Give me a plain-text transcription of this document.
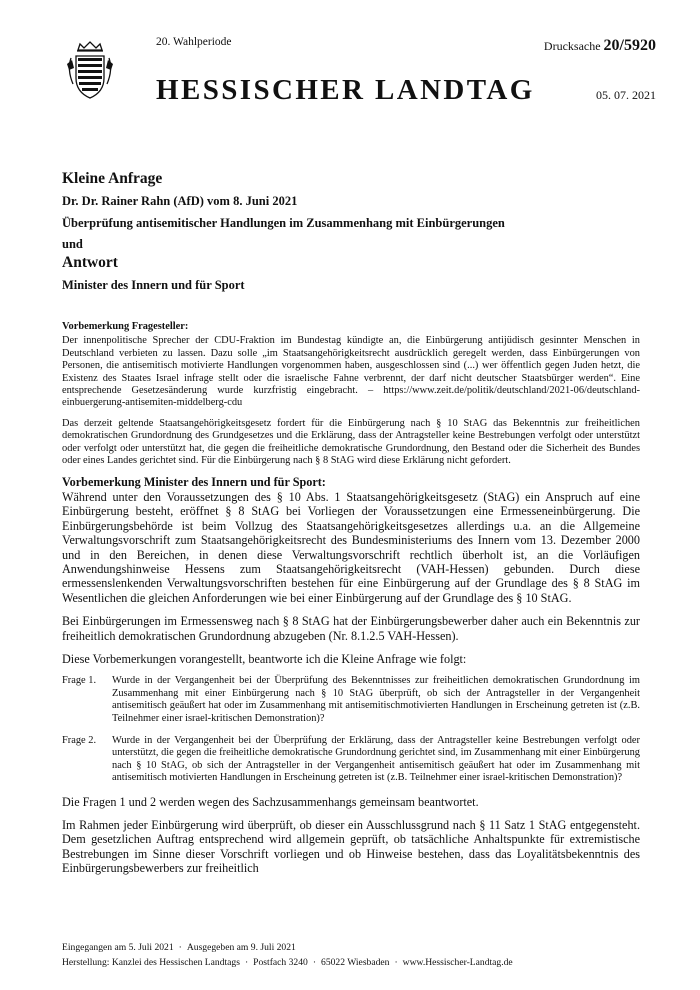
20. Wahlperiode
HESSISCHER LANDTAG
Drucksache 20/5920
05. 07. 2021
Kleine Anfrage
Dr. Dr. Rainer Rahn (AfD) vom 8. Juni 2021
Überprüfung antisemitischer Handlungen im Zusammenhang mit Einbürgerungen
und
Antwort
Minister des Innern und für Sport
Vorbemerkung Fragesteller:

Der innenpolitische Sprecher der CDU-Fraktion im Bundestag kündigte an, die Einbürgerung antijüdisch gesinnter Menschen in Deutschland verbieten zu lassen. Dazu solle „im Staatsangehörigkeitsrecht ausdrücklich geregelt werden, dass Einbürgerungen von Personen, die antisemitisch motivierte Handlungen vorgenommen haben, ausgeschlossen sind (...) wer öffentlich gegen Juden hetzt, die Existenz des Staates Israel infrage stellt oder die israelische Fahne verbrennt, der darf nicht deutscher Staatsbürger werden“. Eine entsprechende Gesetzesänderung wurde kurzfristig eingebracht. – https://www.zeit.de/politik/deutschland/2021-06/deutschland-einbuergerung-antisemiten-middelberg-cdu

Das derzeit geltende Staatsangehörigkeitsgesetz fordert für die Einbürgerung nach § 10 StAG das Bekenntnis zur freiheitlichen demokratischen Grundordnung des Grundgesetzes und die Erklärung, dass der Antragsteller keine Bestrebungen verfolgt oder unterstützt oder verfolgt oder unterstützt hat, die gegen die freiheitliche demokratische Grundordnung, den Bestand oder die Sicherheit des Bundes oder eines Landes gerichtet sind. Für die Einbürgerung nach § 8 StAG wird diese Erklärung nicht gefordert.

Vorbemerkung Minister des Innern und für Sport:

Während unter den Voraussetzungen des § 10 Abs. 1 Staatsangehörigkeitsgesetz (StAG) ein Anspruch auf eine Einbürgerung besteht, eröffnet § 8 StAG bei Vorliegen der Voraussetzungen eine Ermesseneinbürgerung. Die Einbürgerungsbehörde ist beim Vollzug des Staatsangehörigkeitsgesetzes allerdings u.a. an die Allgemeine Verwaltungsvorschrift zum Staatsangehörigkeitsrecht des Bundesministeriums des Innern vom 13. Dezember 2000 und in den Bereichen, in denen diese Verwaltungsvorschrift rechtlich überholt ist, an die Vorläufigen Anwendungshinweise Hessens zum Staatsangehörigkeitsrecht (VAH-Hessen) gebunden. Durch diese ermessenslenkenden Verwaltungsvorschriften bestehen für eine Einbürgerung auf der Grundlage des § 8 StAG im Wesentlichen die gleichen Anforderungen wie bei einer Einbürgerung auf der Grundlage des § 10 StAG.

Bei Einbürgerungen im Ermessensweg nach § 8 StAG hat der Einbürgerungsbewerber daher auch ein Bekenntnis zur freiheitlich demokratischen Grundordnung abzugeben (Nr. 8.1.2.5 VAH-Hessen).

Diese Vorbemerkungen vorangestellt, beantworte ich die Kleine Anfrage wie folgt:

Frage 1.	Wurde in der Vergangenheit bei der Überprüfung des Bekenntnisses zur freiheitlichen demokratischen Grundordnung im Zusammenhang mit einer Einbürgerung nach § 10 StAG überprüft, ob sich der Antragsteller in der Vergangenheit antisemitisch geäußert hat oder im Zusammenhang mit antisemitischmotivierten Handlungen in Erscheinung getreten ist (z.B. Teilnehmer einer israel-kritischen Demonstration)?
Frage 2.	Wurde in der Vergangenheit bei der Überprüfung der Erklärung, dass der Antragsteller keine Bestrebungen verfolgt oder unterstützt, die gegen die freiheitliche demokratische Grundordnung gerichtet sind, im Zusammenhang mit einer Einbürgerung nach § 10 StAG, ob sich der Antragsteller in der Vergangenheit antisemitisch geäußert hat oder im Zusammenhang mit antisemitisch motivierten Handlungen in Erscheinung getreten ist (z.B. Teilnehmer einer israel-kritischen Demonstration)?

Die Fragen 1 und 2 werden wegen des Sachzusammenhangs gemeinsam beantwortet.

Im Rahmen jeder Einbürgerung wird überprüft, ob dieser ein Ausschlussgrund nach § 11 Satz 1 StAG entgegensteht. Dem gesetzlichen Auftrag entsprechend wird allgemein geprüft, ob tatsächliche Anhaltspunkte für extremistische Bestrebungen im Sinne dieser Vorschrift vorliegen und ob Hinweise bestehen, dass das Loyalitätsbekenntnis des Einbürgerungsbewerbers zur freiheitlich

Eingegangen am 5. Juli 2021 · Ausgegeben am 9. Juli 2021
Herstellung: Kanzlei des Hessischen Landtags · Postfach 3240 · 65022 Wiesbaden · www.Hessischer-Landtag.de
